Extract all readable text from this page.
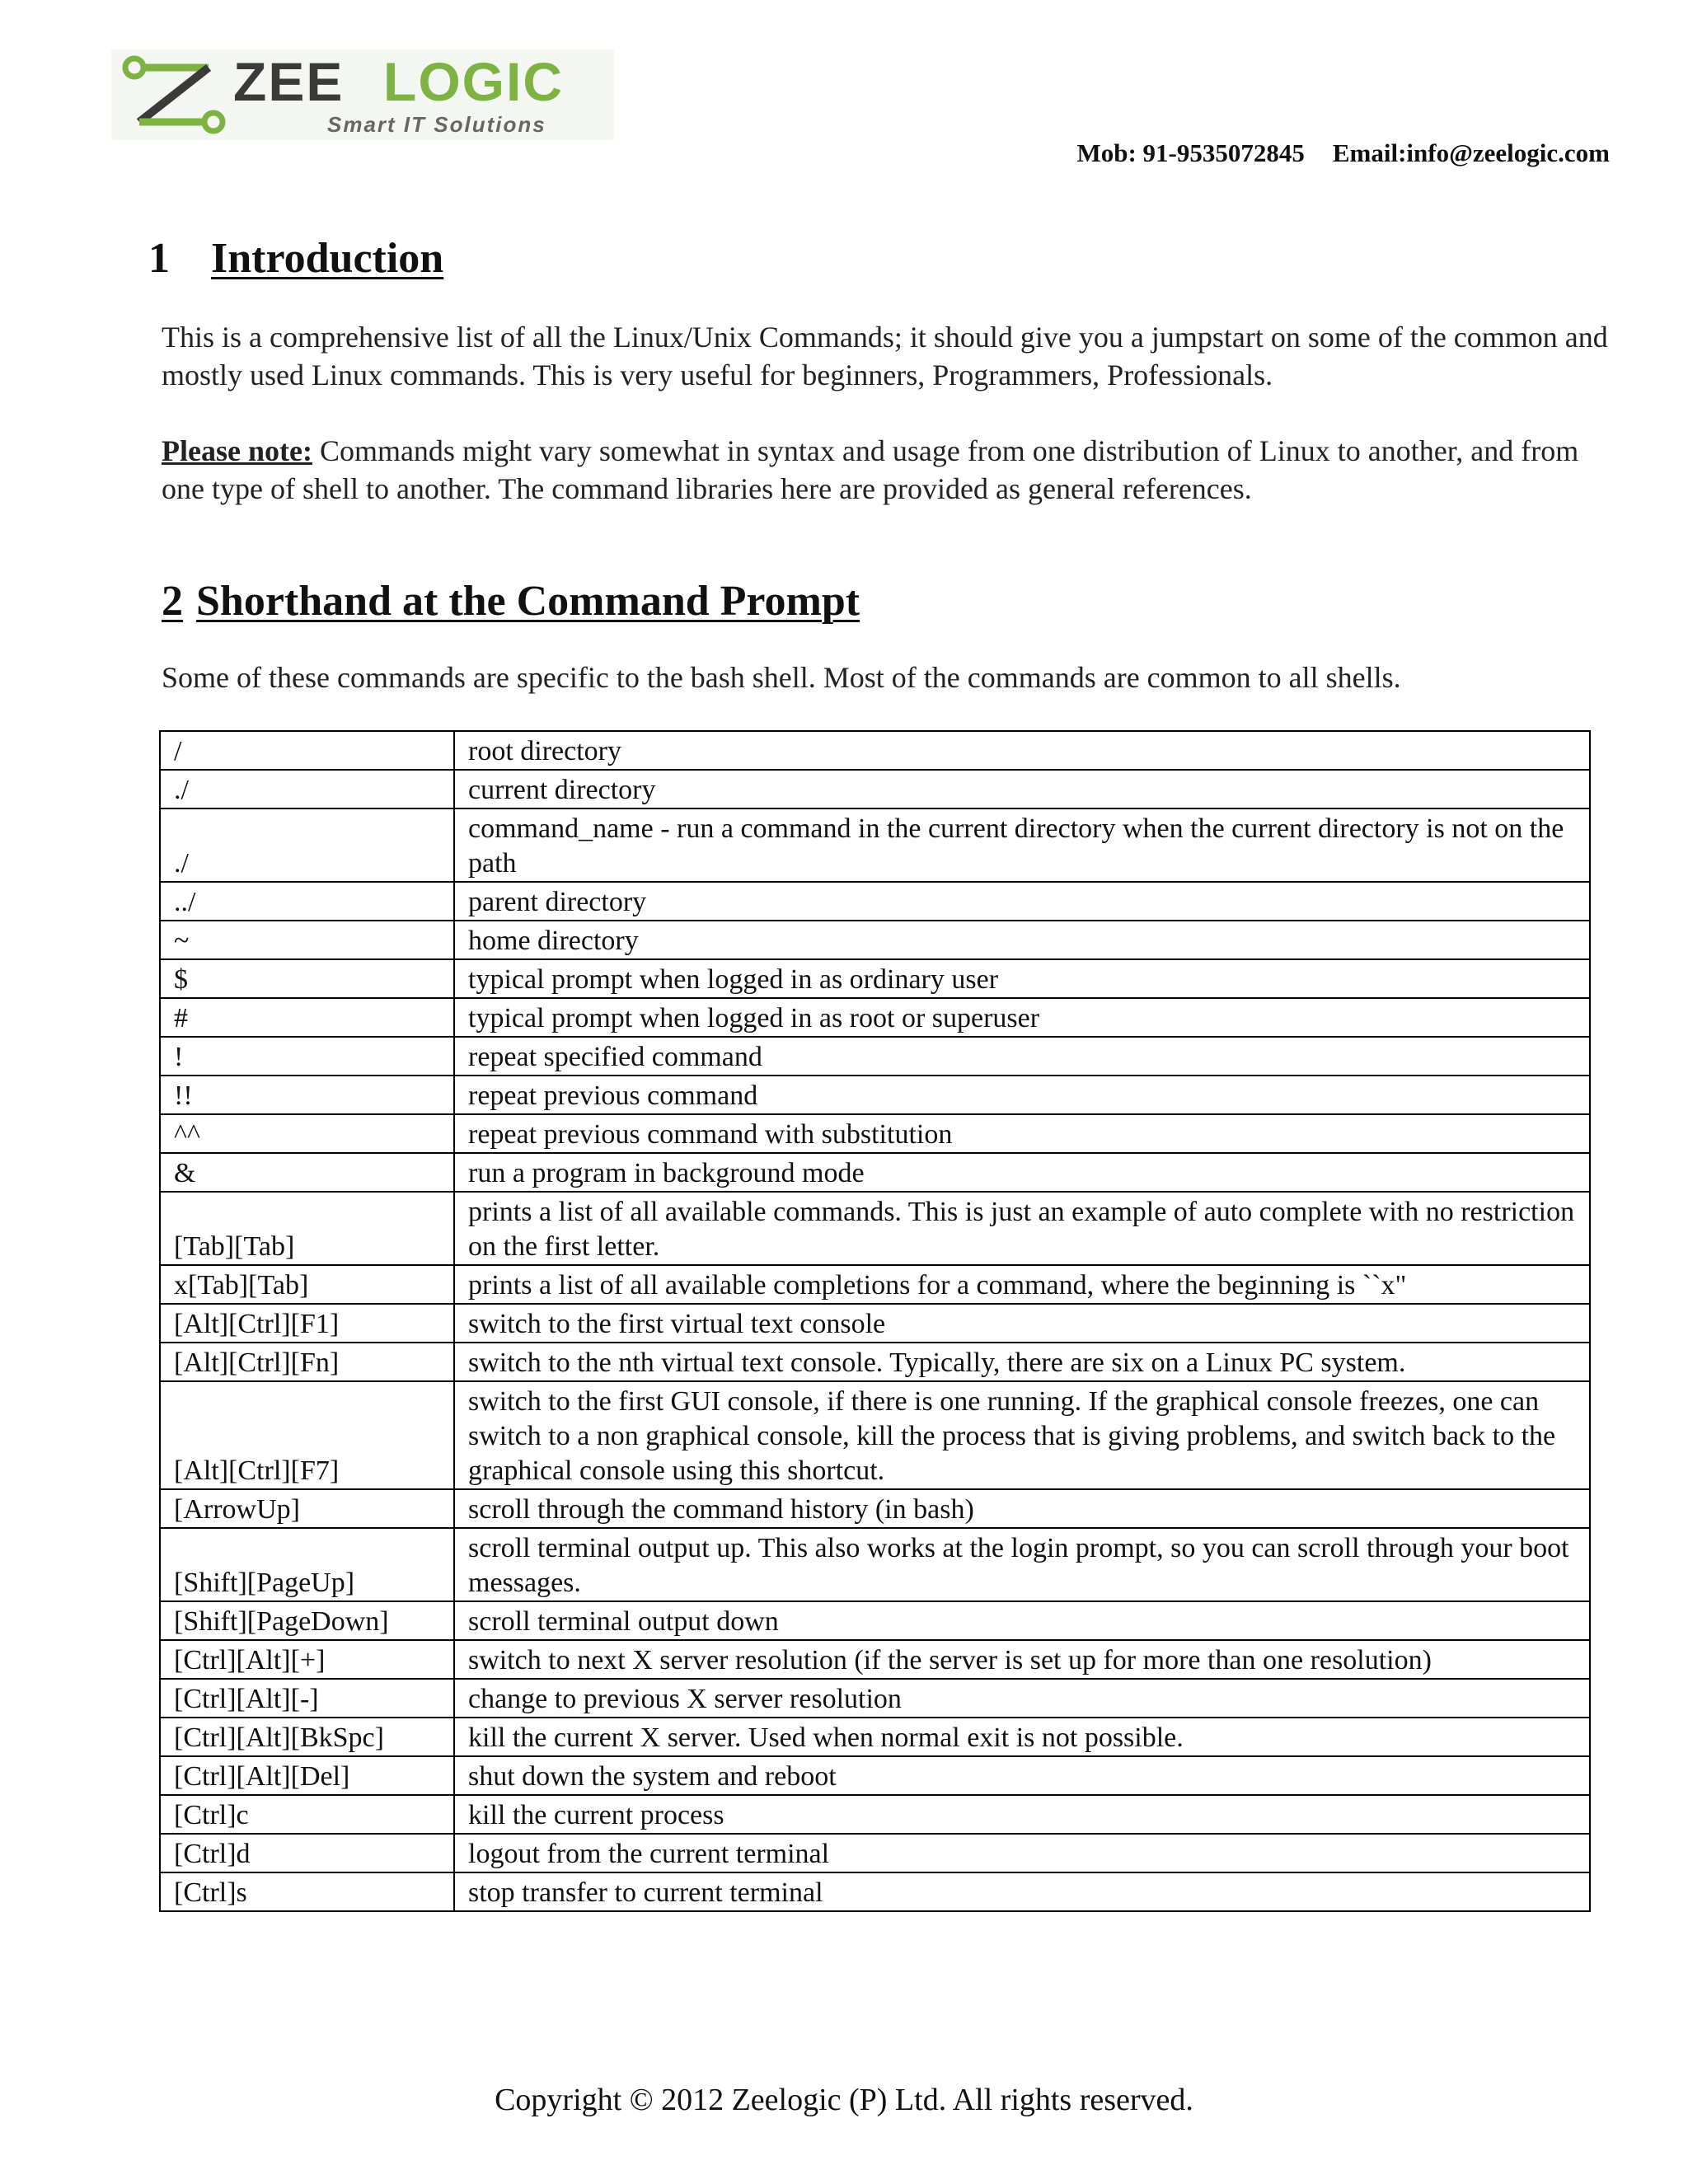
ZEE LOGIC
Smart IT Solutions
Mob: 91-9535072845 Email:info@zeelogic.com
1 Introduction
This is a comprehensive list of all the Linux/Unix Commands; it should give you a jumpstart on some of the common and mostly used Linux commands. This is very useful for beginners, Programmers, Professionals.
Please note: Commands might vary somewhat in syntax and usage from one distribution of Linux to another, and from one type of shell to another. The command libraries here are provided as general references.
2 Shorthand at the Command Prompt
Some of these commands are specific to the bash shell. Most of the commands are common to all shells.
/	root directory
./	current directory
./	command_name - run a command in the current directory when the current directory is not on the path
../	parent directory
~	home directory
$	typical prompt when logged in as ordinary user
#	typical prompt when logged in as root or superuser
!	repeat specified command
!!	repeat previous command
^^	repeat previous command with substitution
&	run a program in background mode
[Tab][Tab]	prints a list of all available commands. This is just an example of auto complete with no restriction on the first letter.
x[Tab][Tab]	prints a list of all available completions for a command, where the beginning is ``x"
[Alt][Ctrl][F1]	switch to the first virtual text console
[Alt][Ctrl][Fn]	switch to the nth virtual text console. Typically, there are six on a Linux PC system.
[Alt][Ctrl][F7]	switch to the first GUI console, if there is one running. If the graphical console freezes, one can switch to a non graphical console, kill the process that is giving problems, and switch back to the graphical console using this shortcut.
[ArrowUp]	scroll through the command history (in bash)
[Shift][PageUp]	scroll terminal output up. This also works at the login prompt, so you can scroll through your boot messages.
[Shift][PageDown]	scroll terminal output down
[Ctrl][Alt][+]	switch to next X server resolution (if the server is set up for more than one resolution)
[Ctrl][Alt][-]	change to previous X server resolution
[Ctrl][Alt][BkSpc]	kill the current X server. Used when normal exit is not possible.
[Ctrl][Alt][Del]	shut down the system and reboot
[Ctrl]c	kill the current process
[Ctrl]d	logout from the current terminal
[Ctrl]s	stop transfer to current terminal
Copyright © 2012 Zeelogic (P) Ltd. All rights reserved.
